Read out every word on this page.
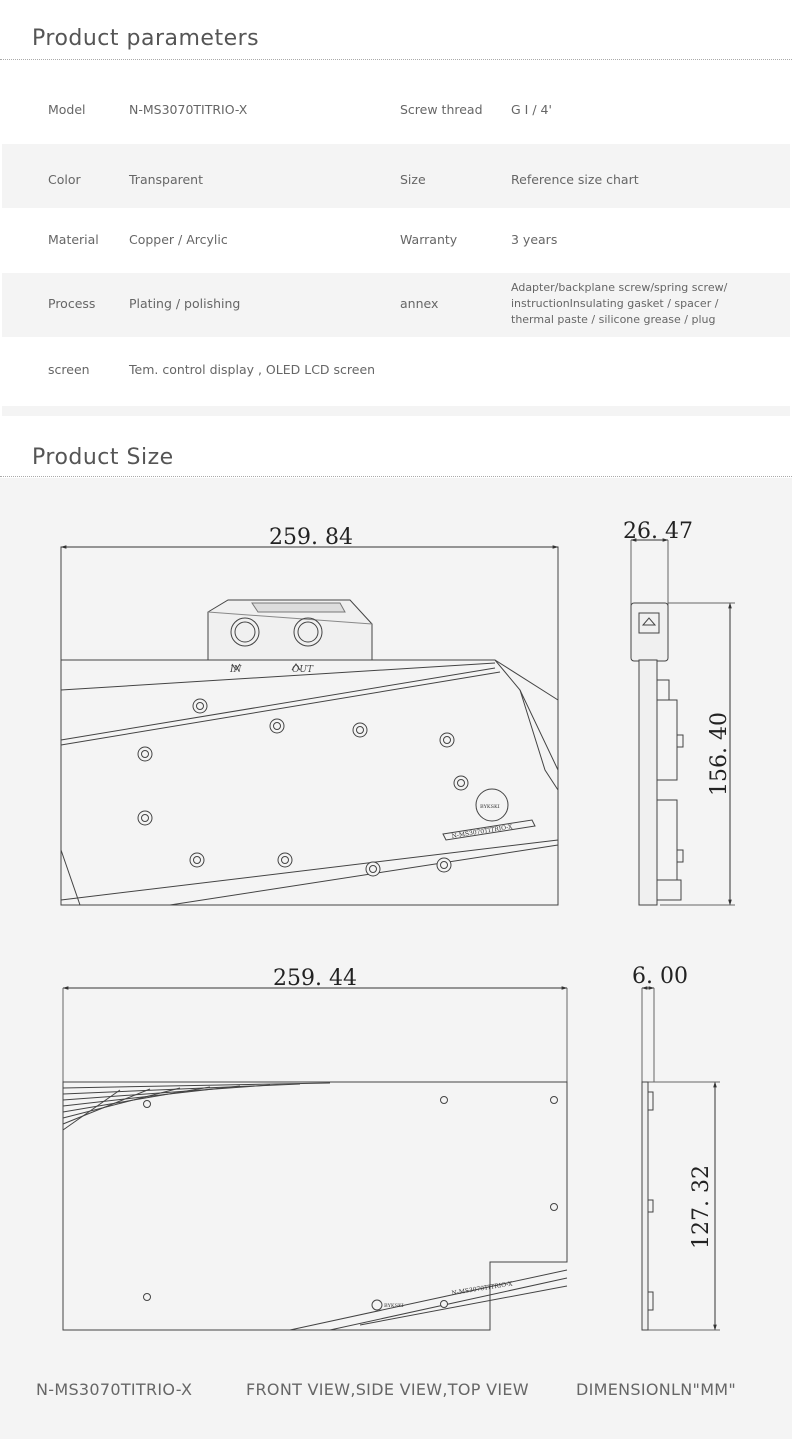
Product parameters
Model	N-MS3070TITRIO-X	Screw thread G I / 4'
Color	Transparent	Size	Reference size chart
Material Copper / Arcylic	Warranty	3 years
Process	Plating / polishing	annex
Adapter/backplane screw/spring screw/
instructionInsulating gasket / spacer /
thermal paste / silicone grease / plug
screen	Tem. control display , OLED LCD screen
Product Size
IN	OUT
BYKSKI
N-MS3070TITRIO-X
BYKSKI
N-MS3070TITRIO-X
259. 84	26. 47
156. 40
259. 44	6. 00
127. 32
N-MS3070TITRIO-X	FRONT VIEW,SIDE VIEW,TOP VIEW	DIMENSIONLN"MM"
